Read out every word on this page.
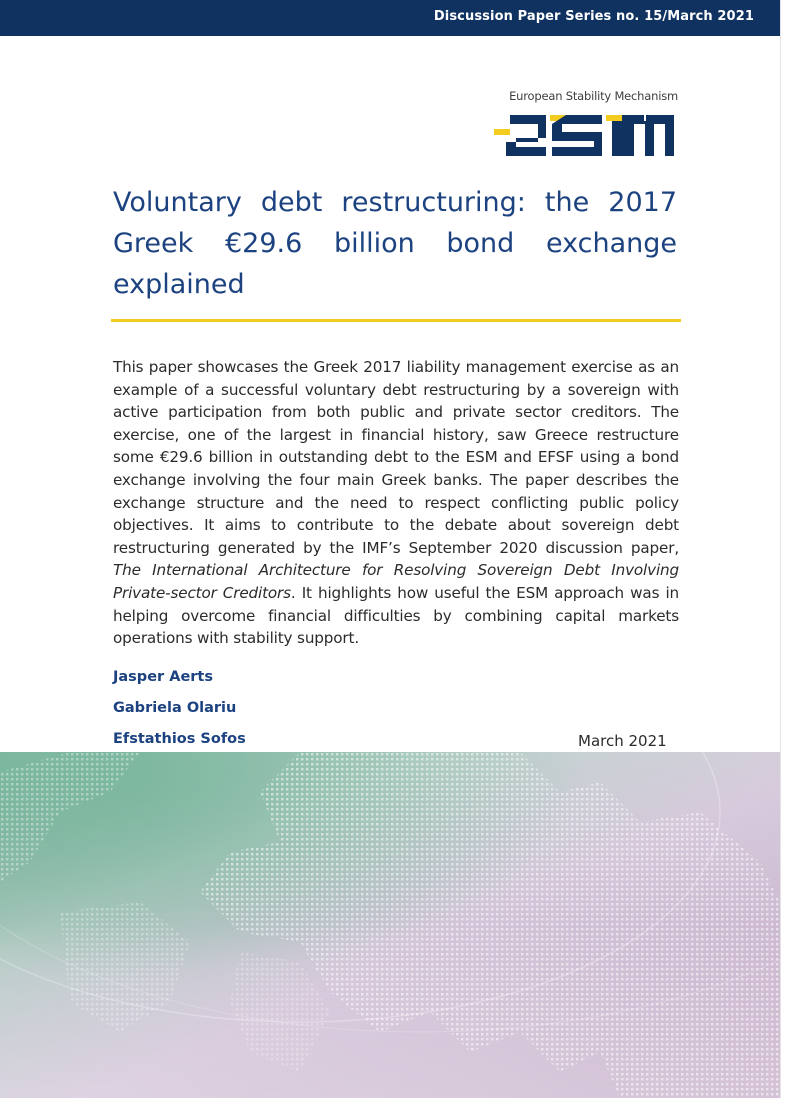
Discussion Paper Series no. 15/March 2021
European Stability Mechanism
Voluntary debt restructuring: the 2017 Greek €29.6 billion bond exchange explained
This paper showcases the Greek 2017 liability management exercise as an example of a successful voluntary debt restructuring by a sovereign with active participation from both public and private sector creditors. The exercise, one of the largest in financial history, saw Greece restructure some €29.6 billion in outstanding debt to the ESM and EFSF using a bond exchange involving the four main Greek banks. The paper describes the exchange structure and the need to respect conflicting public policy objectives. It aims to contribute to the debate about sovereign debt restructuring generated by the IMF’s September 2020 discussion paper, The International Architecture for Resolving Sovereign Debt Involving Private-sector Creditors. It highlights how useful the ESM approach was in helping overcome financial difficulties by combining capital markets operations with stability support.
Jasper Aerts
Gabriela Olariu
Efstathios Sofos	March 2021
